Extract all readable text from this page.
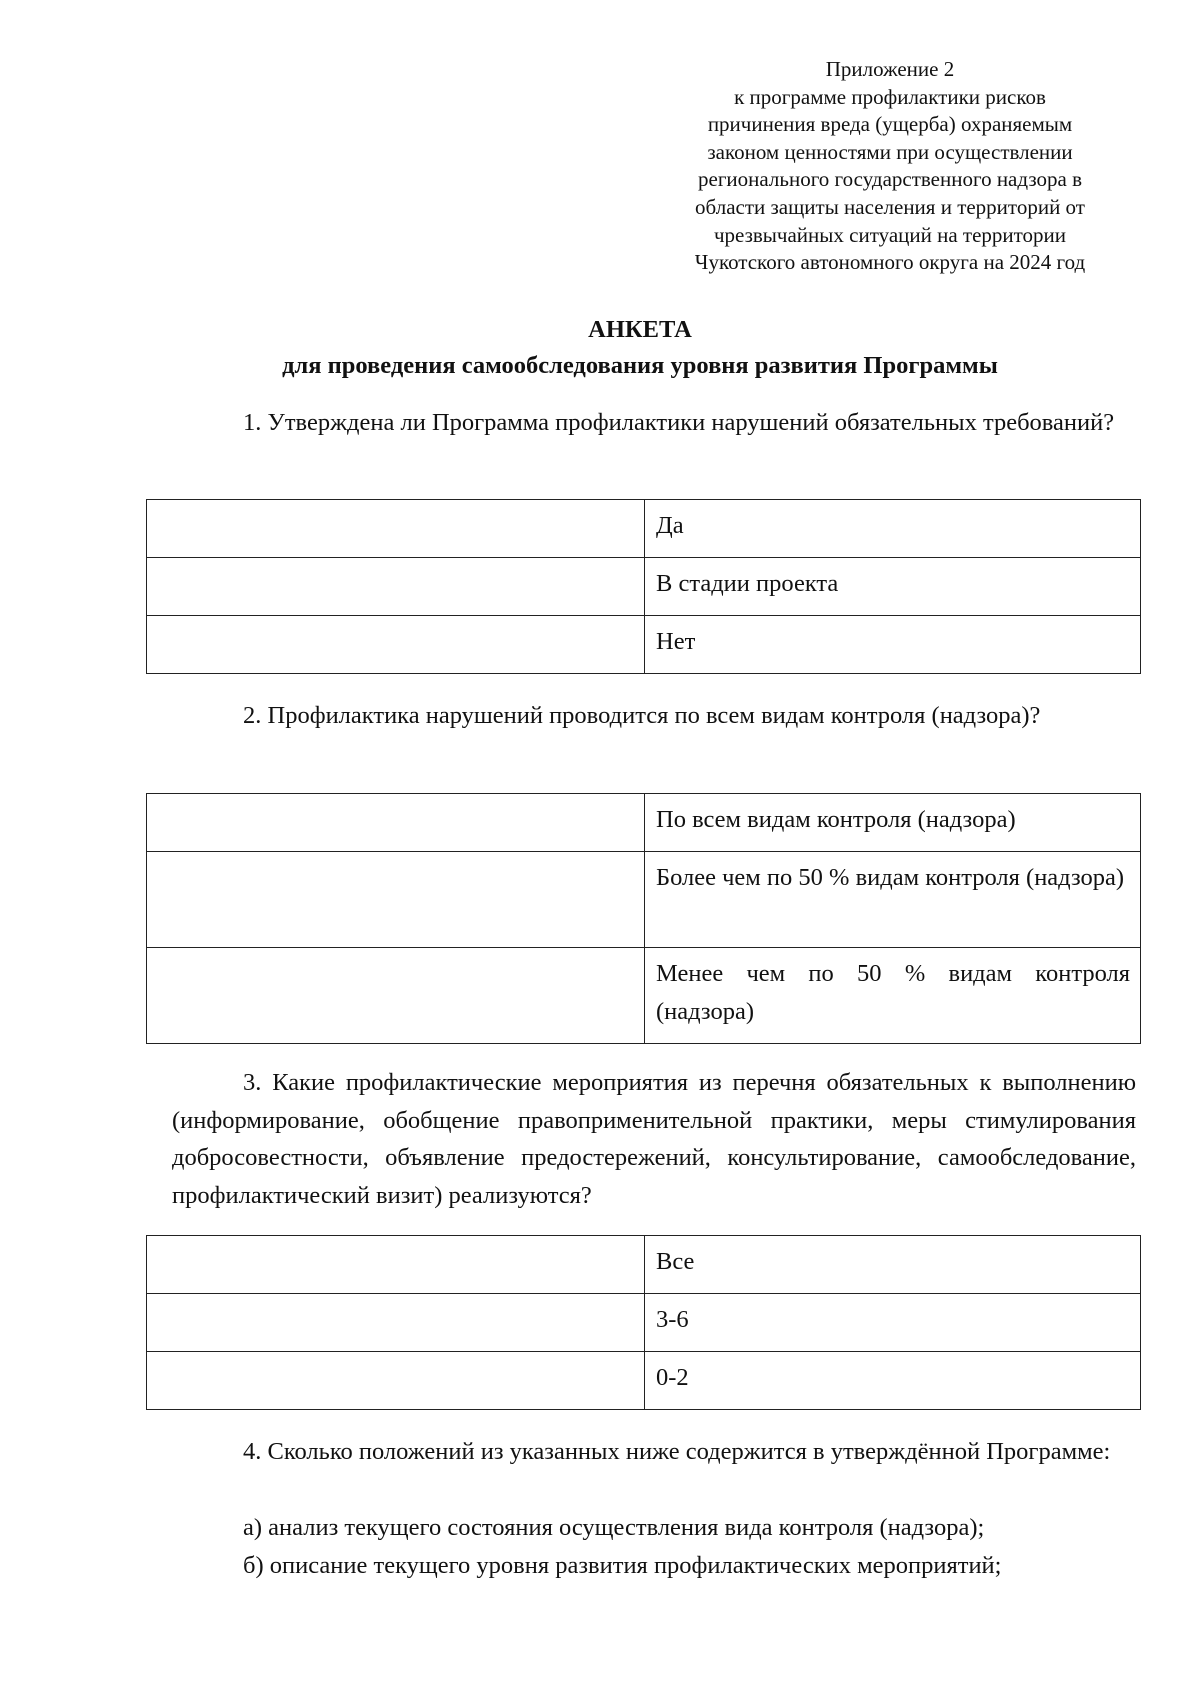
Приложение 2
к программе профилактики рисков
причинения вреда (ущерба) охраняемым
законом ценностями при осуществлении
регионального государственного надзора в
области защиты населения и территорий от
чрезвычайных ситуаций на территории
Чукотского автономного округа на 2024 год
АНКЕТА
для проведения самообследования уровня развития Программы
1. Утверждена ли Программа профилактики нарушений обязательных требований?
	Да
	В стадии проекта
	Нет
2. Профилактика нарушений проводится по всем видам контроля (надзора)?
	По всем видам контроля (надзора)
	Более чем по 50 % видам контроля (надзора)
	Менее чем по 50 % видам контроля (надзора)
3. Какие профилактические мероприятия из перечня обязательных к выполнению (информирование, обобщение правоприменительной практики, меры стимулирования добросовестности, объявление предостережений, консультирование, самообследование, профилактический визит) реализуются?
	Все
	3-6
	0-2
4. Сколько положений из указанных ниже содержится в утверждённой Программе:
а) анализ текущего состояния осуществления вида контроля (надзора);
б) описание текущего уровня развития профилактических мероприятий;
